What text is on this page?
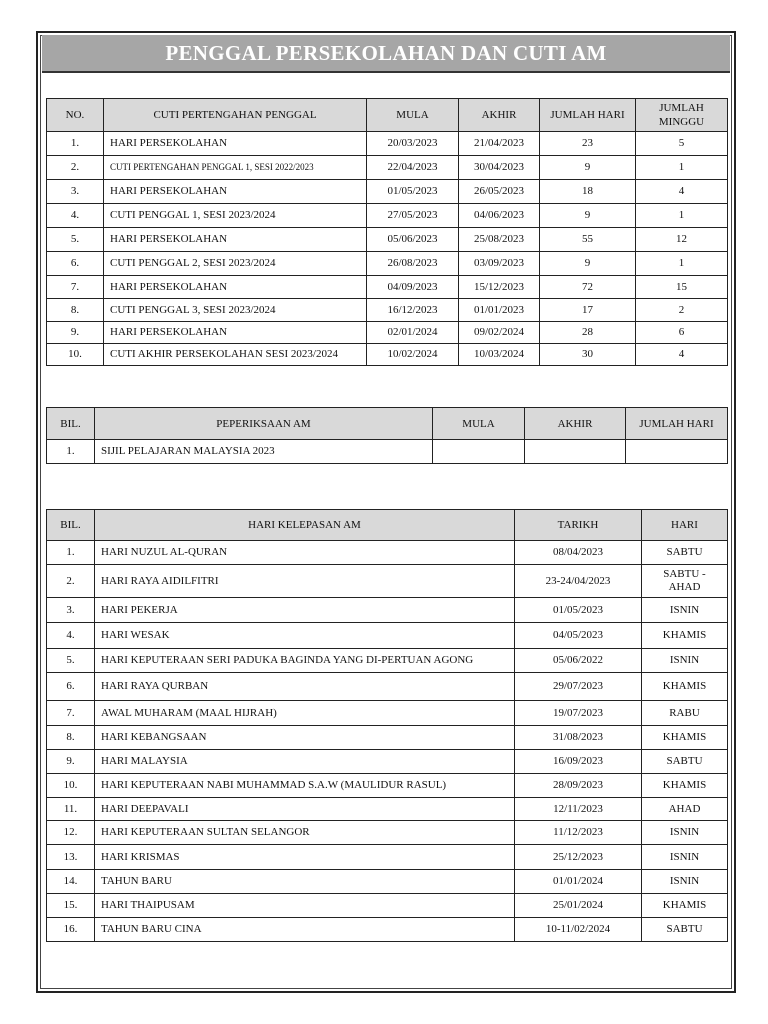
PENGGAL PERSEKOLAHAN DAN CUTI AM
NO.	CUTI PERTENGAHAN PENGGAL	MULA	AKHIR	JUMLAH HARI	JUMLAH MINGGU
1.	HARI PERSEKOLAHAN	20/03/2023	21/04/2023	23	5
2.	CUTI PERTENGAHAN PENGGAL 1, SESI 2022/2023	22/04/2023	30/04/2023	9	1
3.	HARI PERSEKOLAHAN	01/05/2023	26/05/2023	18	4
4.	CUTI PENGGAL 1, SESI 2023/2024	27/05/2023	04/06/2023	9	1
5.	HARI PERSEKOLAHAN	05/06/2023	25/08/2023	55	12
6.	CUTI PENGGAL 2, SESI 2023/2024	26/08/2023	03/09/2023	9	1
7.	HARI PERSEKOLAHAN	04/09/2023	15/12/2023	72	15
8.	CUTI PENGGAL 3, SESI 2023/2024	16/12/2023	01/01/2023	17	2
9.	HARI PERSEKOLAHAN	02/01/2024	09/02/2024	28	6
10.	CUTI AKHIR PERSEKOLAHAN SESI 2023/2024	10/02/2024	10/03/2024	30	4
BIL.	PEPERIKSAAN AM	MULA	AKHIR	JUMLAH HARI
1.	SIJIL PELAJARAN MALAYSIA 2023			
BIL.	HARI KELEPASAN AM	TARIKH	HARI
1.	HARI NUZUL AL-QURAN	08/04/2023	SABTU
2.	HARI RAYA AIDILFITRI	23-24/04/2023	SABTU - AHAD
3.	HARI PEKERJA	01/05/2023	ISNIN
4.	HARI WESAK	04/05/2023	KHAMIS
5.	HARI KEPUTERAAN SERI PADUKA BAGINDA YANG DI-PERTUAN AGONG	05/06/2022	ISNIN
6.	HARI RAYA QURBAN	29/07/2023	KHAMIS
7.	AWAL MUHARAM (MAAL HIJRAH)	19/07/2023	RABU
8.	HARI KEBANGSAAN	31/08/2023	KHAMIS
9.	HARI MALAYSIA	16/09/2023	SABTU
10.	HARI KEPUTERAAN NABI MUHAMMAD S.A.W (MAULIDUR RASUL)	28/09/2023	KHAMIS
11.	HARI DEEPAVALI	12/11/2023	AHAD
12.	HARI KEPUTERAAN SULTAN SELANGOR	11/12/2023	ISNIN
13.	HARI KRISMAS	25/12/2023	ISNIN
14.	TAHUN BARU	01/01/2024	ISNIN
15.	HARI THAIPUSAM	25/01/2024	KHAMIS
16.	TAHUN BARU CINA	10-11/02/2024	SABTU
